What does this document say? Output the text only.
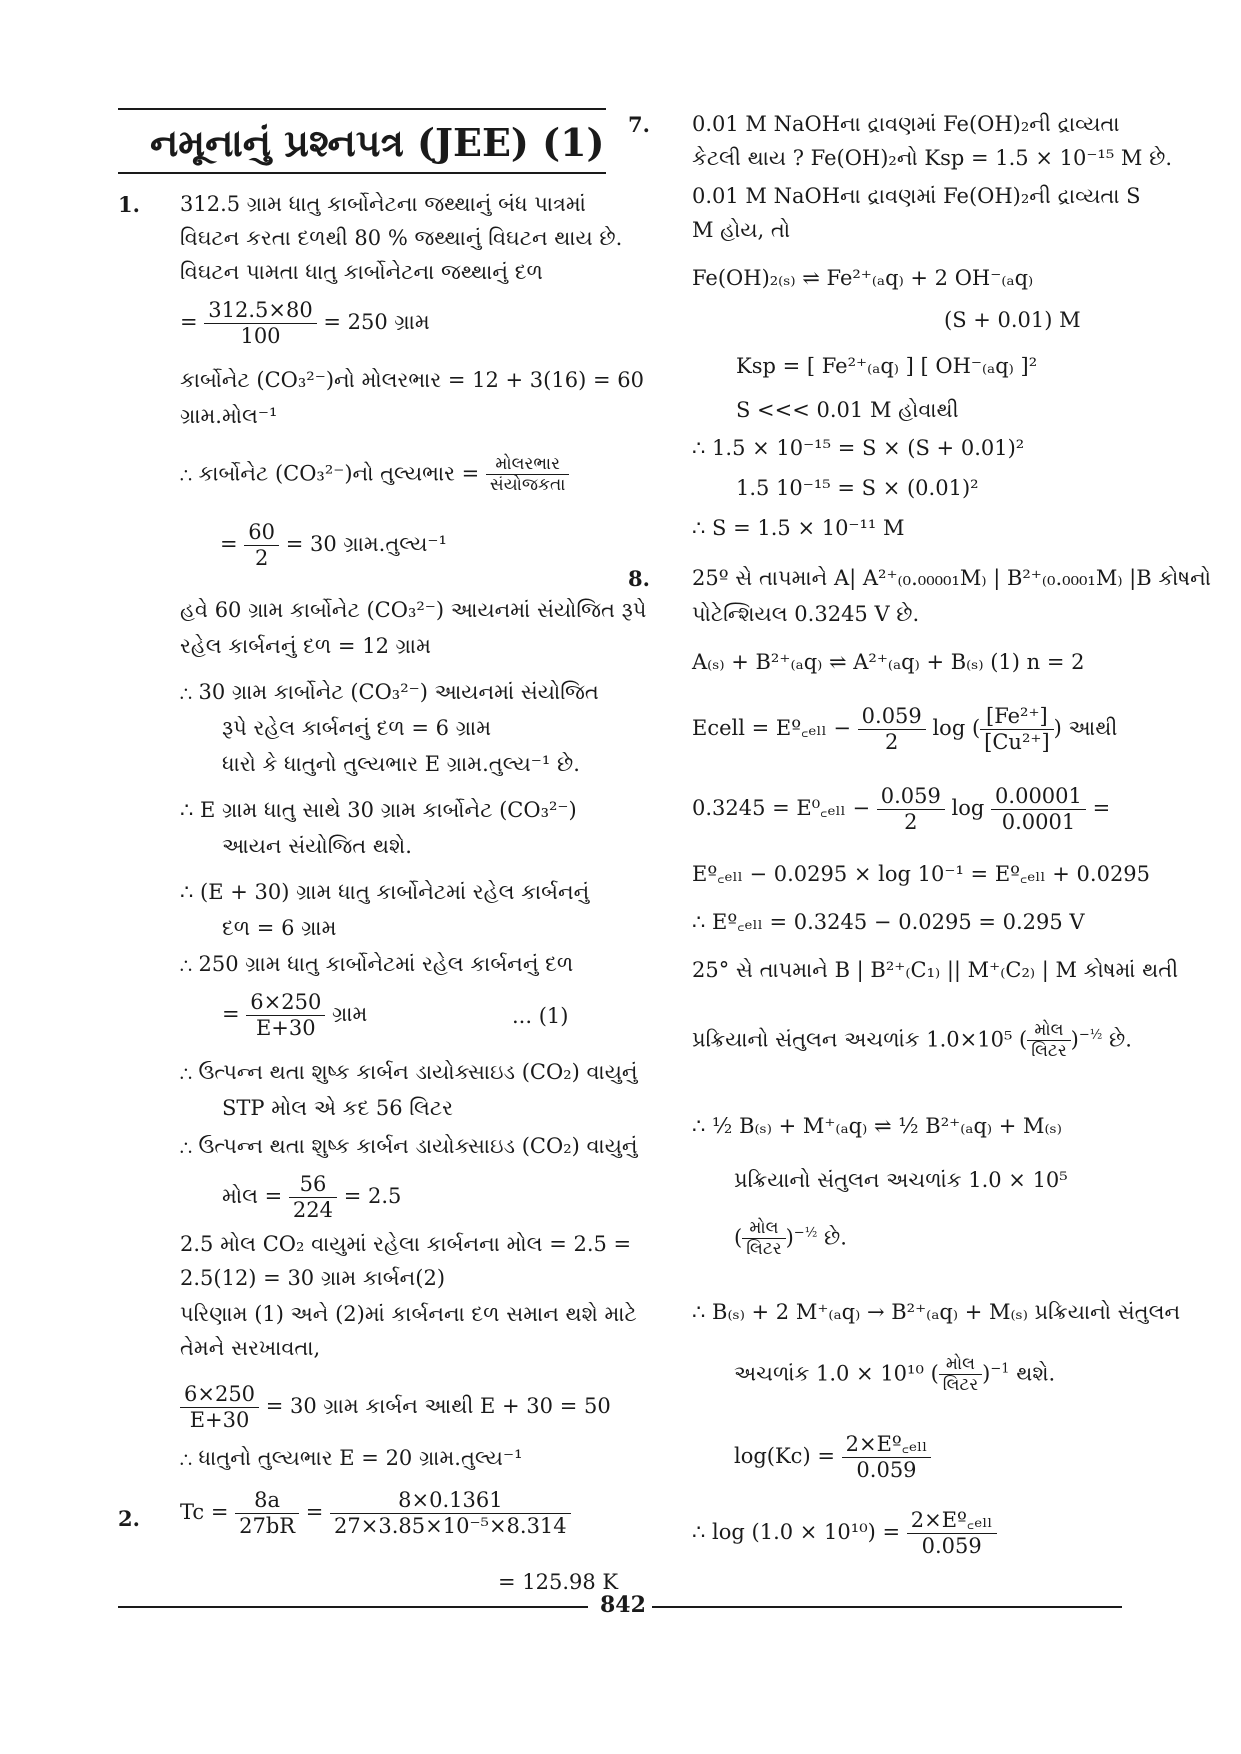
નમૂનાનું પ્રશ્નપત્ર (JEE) (1)
1. 312.5 ગ્રામ ધાતુ કાર્બોનેટના જથ્થાનું બંધ પાત્રમાં
વિઘટન કરતા દળથી 80 % જથ્થાનું વિઘટન થાય છે.
વિઘટન પામતા ધાતુ કાર્બોનેટના જથ્થાનું દળ
= $\frac{312.5\times 80}{100} = 250$ ગ્રામ
કાર્બોનેટ (CO₃²⁻)નો મોલરભાર = 12 + 3(16) = 60
ગ્રામ.મોલ⁻¹
∴ કાર્બોનેટ (CO₃²⁻)નો તુલ્યભાર = $\frac{\text{મોલરભાર}}{\text{સંયોજકતા}}$
= $\frac{60}{2} = 30$ ગ્રામ.તુલ્ય⁻¹
હવે 60 ગ્રામ કાર્બોનેટ (CO₃²⁻) આયનમાં સંયોજિત રૂપે
રહેલ કાર્બનનું દળ = 12 ગ્રામ
∴ 30 ગ્રામ કાર્બોનેટ (CO₃²⁻) આયનમાં સંયોજિત
રૂપે રહેલ કાર્બનનું દળ = 6 ગ્રામ
ધારો કે ધાતુનો તુલ્યભાર E ગ્રામ.તુલ્ય⁻¹ છે.
∴ E ગ્રામ ધાતુ સાથે 30 ગ્રામ કાર્બોનેટ (CO₃²⁻)
આયન સંયોજિત થશે.
∴ (E + 30) ગ્રામ ધાતુ કાર્બોનેટમાં રહેલ કાર્બનનું
દળ = 6 ગ્રામ
∴ 250 ગ્રામ ધાતુ કાર્બોનેટમાં રહેલ કાર્બનનું દળ
= $\frac{6\times 250}{E+30}$ ગ્રામ	... (1)
∴ ઉત્પન્ન થતા શુષ્ક કાર્બન ડાયોક્સાઇડ (CO₂) વાયુનું
STP મોલ એ કદ 56 લિટર
∴ ઉત્પન્ન થતા શુષ્ક કાર્બન ડાયોક્સાઇડ (CO₂) વાયુનું
મોલ = $\frac{56}{224} = 2.5$
2.5 મોલ CO₂ વાયુમાં રહેલા કાર્બનના મોલ = 2.5 =
2.5(12) = 30 ગ્રામ કાર્બન(2)
પરિણામ (1) અને (2)માં કાર્બનના દળ સમાન થશે માટે
તેમને સરખાવતા,
$\frac{6\times 250}{E+30} = 30$ ગ્રામ કાર્બન આથી E + 30 = 50
∴ ધાતુનો તુલ્યભાર E = 20 ગ્રામ.તુલ્ય⁻¹
2. $Tc = \frac{8a}{27bR} = \frac{8\times 0.1361}{\text{27×3.85×10⁻⁵×8.314}}$
= 125.98 K
7. 0.01 M NaOHના દ્રાવણમાં Fe(OH)₂ની દ્રાવ્યતા
કેટલી થાય ? Fe(OH)₂નો Ksp = 1.5 × 10⁻¹⁵ M છે.
0.01 M NaOHના દ્રાવણમાં Fe(OH)₂ની દ્રાવ્યતા S
M હોય, તો
Fe(OH)₂₍ₛ₎ ⇌ Fe²⁺₍ₐq₎ + 2 OH⁻₍ₐq₎
(S + 0.01) M
Ksp = [ Fe²⁺₍ₐq₎ ] [ OH⁻₍ₐq₎ ]²
S <<< 0.01 M હોવાથી
∴ 1.5 × 10⁻¹⁵ = S × (S + 0.01)²
1.5 10⁻¹⁵ = S × (0.01)²
∴ S = 1.5 × 10⁻¹¹ M
8. 25º સે તાપમાને A| A²⁺₍₀.₀₀₀₀₁M₎ | B²⁺₍₀.₀₀₀₁M₎ |B કોષનો
પોટેન્શિયલ 0.3245 V છે.
A₍ₛ₎ + B²⁺₍ₐq₎ ⇌ A²⁺₍ₐq₎ + B₍ₛ₎ (1) n = 2
Ecell = Eº꜀ₑₗₗ − $\frac{0.059}{2}$ log ( $\frac{\text{[Fe²⁺]}}{\text{[Cu²⁺]}}$ ) આથી
0.3245 = E⁰꜀ₑₗₗ − $\frac{0.059}{2}$ $\log \frac{0.00001}{0.0001}$ =
Eº꜀ₑₗₗ − 0.0295 × log 10⁻¹ = Eº꜀ₑₗₗ + 0.0295
∴ Eº꜀ₑₗₗ = 0.3245 − 0.0295 = 0.295 V
25° સે તાપમાને B | B²⁺₍C₁₎ || M⁺₍C₂₎ | M કોષમાં થતી
પ્રક્રિયાનો સંતુલન અચળાંક 1.0×10⁵ ( $\frac{\text{મોલ}}{\text{લિટર}} )^{-\frac{1}{2}}$ છે.
∴ ½ B₍ₛ₎ + M⁺₍ₐq₎ ⇌ ½ B²⁺₍ₐq₎ + M₍ₛ₎
પ્રક્રિયાનો સંતુલન અચળાંક 1.0 × 10⁵
( $\frac{\text{મોલ}}{\text{લિટર}} )^{-\frac{1}{2}}$ છે.
∴ B₍ₛ₎ + 2 M⁺₍ₐq₎ → B²⁺₍ₐq₎ + M₍ₛ₎ પ્રક્રિયાનો સંતુલન
અચળાંક 1.0 × 10¹⁰ ( $\frac{\text{મોલ}}{\text{લિટર}} )^{-1}$ થશે.
$\log(Kc) = \frac{\text{2×Eº꜀ₑₗₗ}}{0.059}$
∴ $\log (1.0 \times 10^{10}) = \frac{\text{2×Eº꜀ₑₗₗ}}{0.059}$
842
